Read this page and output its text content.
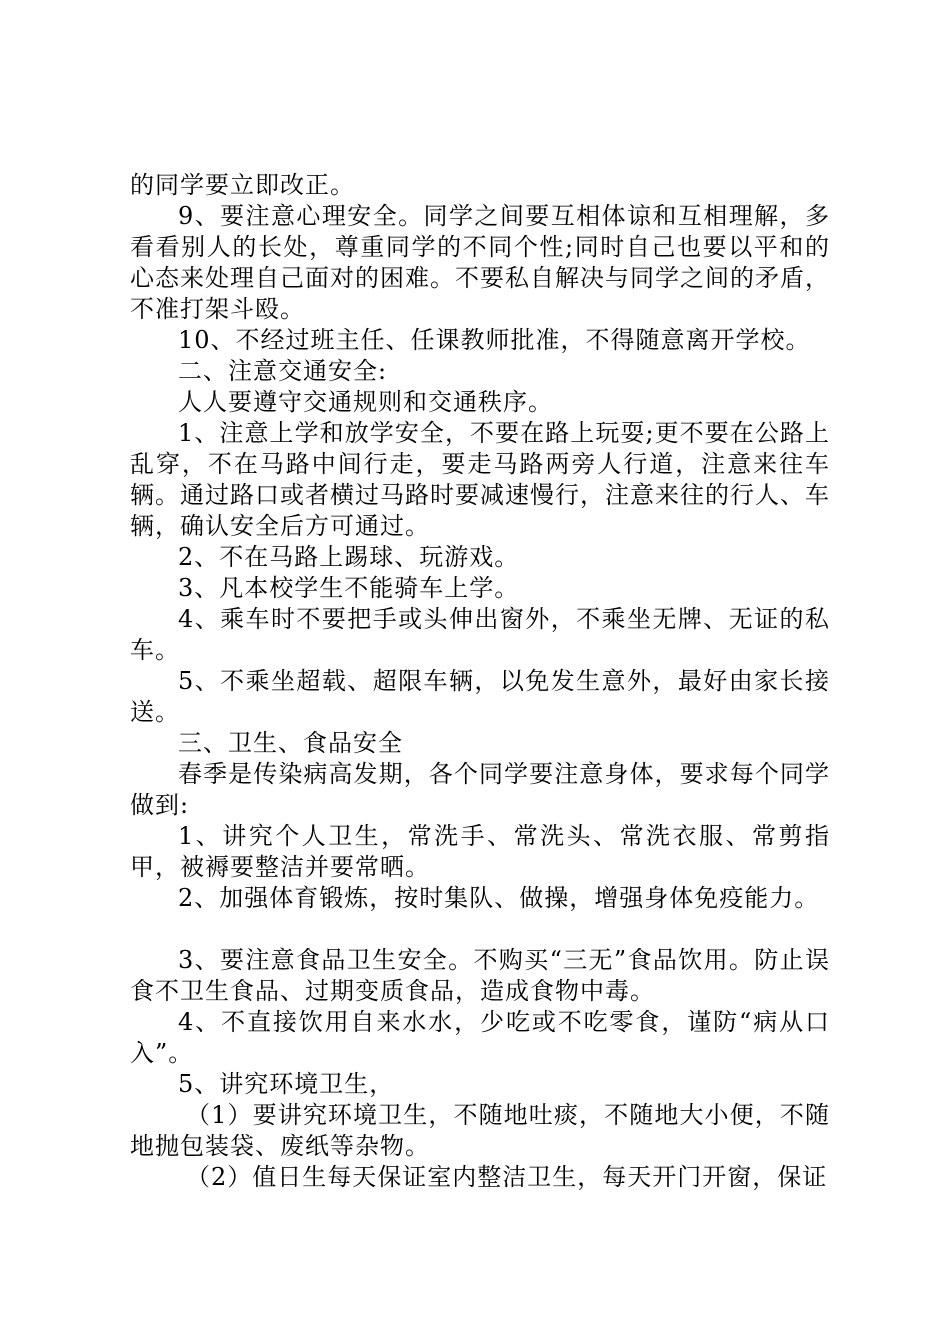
的同学要立即改正。

9、要注意心理安全。同学之间要互相体谅和互相理解，多看看别人的长处，尊重同学的不同个性;同时自己也要以平和的心态来处理自己面对的困难。不要私自解决与同学之间的矛盾，不准打架斗殴。

10、不经过班主任、任课教师批准，不得随意离开学校。

二、注意交通安全:

人人要遵守交通规则和交通秩序。

1、注意上学和放学安全，不要在路上玩耍;更不要在公路上乱穿，不在马路中间行走，要走马路两旁人行道，注意来往车辆。通过路口或者横过马路时要减速慢行，注意来往的行人、车辆，确认安全后方可通过。

2、不在马路上踢球、玩游戏。

3、凡本校学生不能骑车上学。

4、乘车时不要把手或头伸出窗外，不乘坐无牌、无证的私车。

5、不乘坐超载、超限车辆，以免发生意外，最好由家长接送。

三、卫生、食品安全

春季是传染病高发期，各个同学要注意身体，要求每个同学做到:

1、讲究个人卫生，常洗手、常洗头、常洗衣服、常剪指甲，被褥要整洁并要常晒。

2、加强体育锻炼，按时集队、做操，增强身体免疫能力。

3、要注意食品卫生安全。不购买“三无”食品饮用。防止误食不卫生食品、过期变质食品，造成食物中毒。

4、不直接饮用自来水水，少吃或不吃零食，谨防“病从口入”。

5、讲究环境卫生，

（1）要讲究环境卫生，不随地吐痰，不随地大小便，不随地抛包装袋、废纸等杂物。

（2）值日生每天保证室内整洁卫生，每天开门开窗，保证
